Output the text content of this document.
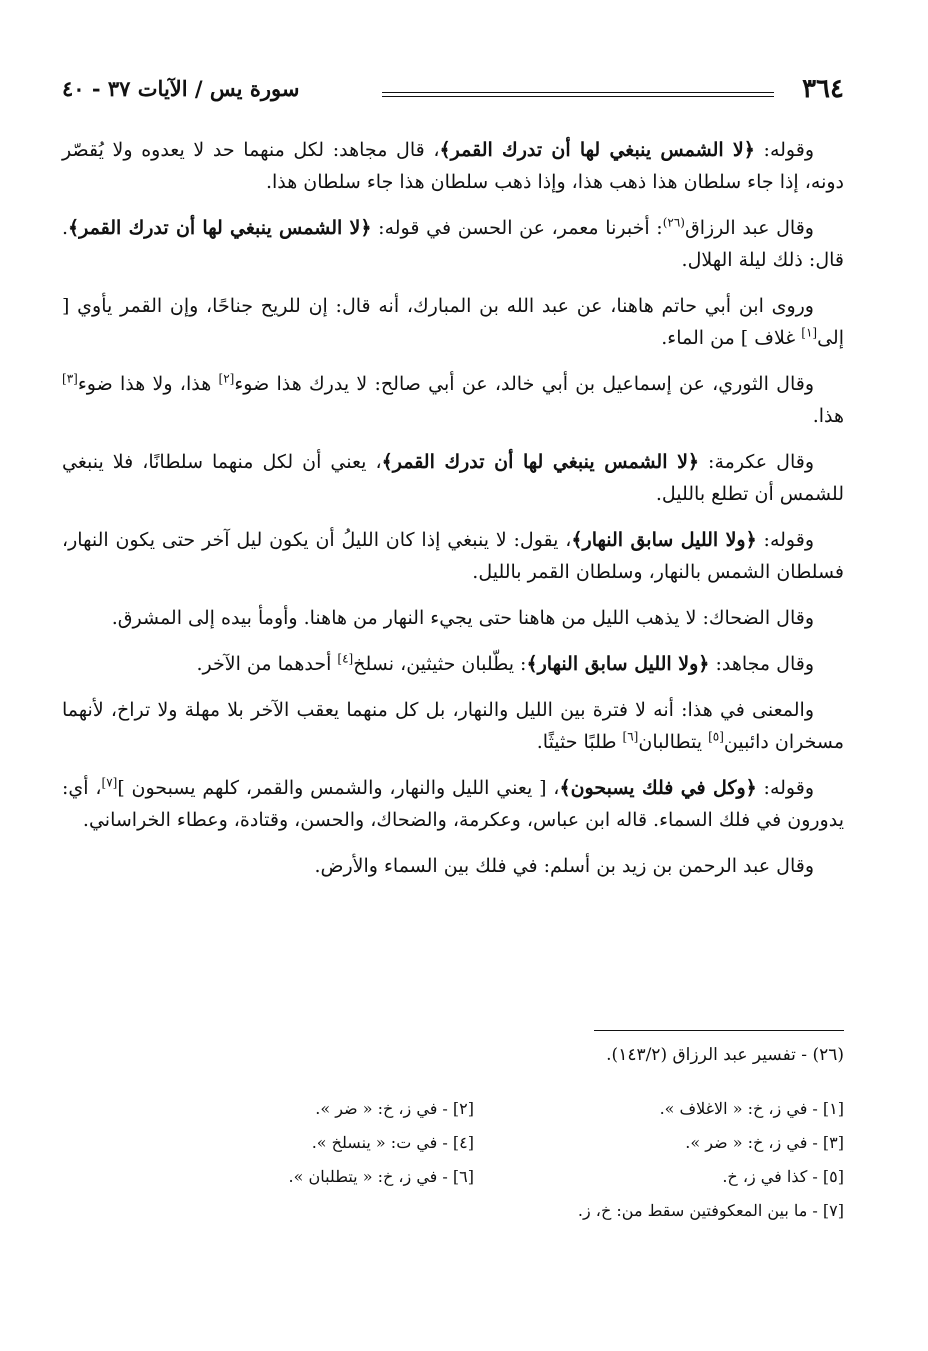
٣٦٤
سورة يس / الآيات ٣٧ - ٤٠

وقوله: ﴿لا الشمس ينبغي لها أن تدرك القمر﴾، قال مجاهد: لكل منهما حد لا يعدوه ولا يُقصّر دونه، إذا جاء سلطان هذا ذهب هذا، وإذا ذهب سلطان هذا جاء سلطان هذا.

وقال عبد الرزاق$^{(٢٦)}$: أخبرنا معمر، عن الحسن في قوله: ﴿لا الشمس ينبغي لها أن تدرك القمر﴾. قال: ذلك ليلة الهلال.

وروى ابن أبي حاتم هاهنا، عن عبد الله بن المبارك، أنه قال: إن للريح جناحًا، وإن القمر يأوي [ إلى[١] غلاف ] من الماء.

وقال الثوري، عن إسماعيل بن أبي خالد، عن أبي صالح: لا يدرك هذا ضوء[٢] هذا، ولا هذا ضوء[٣] هذا.

وقال عكرمة: ﴿لا الشمس ينبغي لها أن تدرك القمر﴾، يعني أن لكل منهما سلطانًا، فلا ينبغي للشمس أن تطلع بالليل.

وقوله: ﴿ولا الليل سابق النهار﴾، يقول: لا ينبغي إذا كان الليلُ أن يكون ليل آخر حتى يكون النهار، فسلطان الشمس بالنهار، وسلطان القمر بالليل.

وقال الضحاك: لا يذهب الليل من هاهنا حتى يجيء النهار من هاهنا. وأومأ بيده إلى المشرق.

وقال مجاهد: ﴿ولا الليل سابق النهار﴾: يطّلبان حثيثين، نسلخ[٤] أحدهما من الآخر.

والمعنى في هذا: أنه لا فترة بين الليل والنهار، بل كل منهما يعقب الآخر بلا مهلة ولا تراخ، لأنهما مسخران دائبين[٥] يتطالبان[٦] طلبًا حثيثًا.

وقوله: ﴿وكل في فلك يسبحون﴾، [ يعني الليل والنهار، والشمس والقمر، كلهم يسبحون ][٧]، أي: يدورون في فلك السماء. قاله ابن عباس، وعكرمة، والضحاك، والحسن، وقتادة، وعطاء الخراساني.

وقال عبد الرحمن بن زيد بن أسلم: في فلك بين السماء والأرض.

(٢٦) - تفسير عبد الرزاق (١٤٣/٢).
[١] - في ز، خ: « الاغلاف ».
[٢] - في ز، خ: « ضر ».
[٣] - في ز، خ: « ضر ».
[٤] - في ت: « ينسلخ ».
[٥] - كذا في ز، خ.
[٦] - في ز، خ: « يتطلبان ».
[٧] - ما بين المعكوفتين سقط من: خ، ز.
